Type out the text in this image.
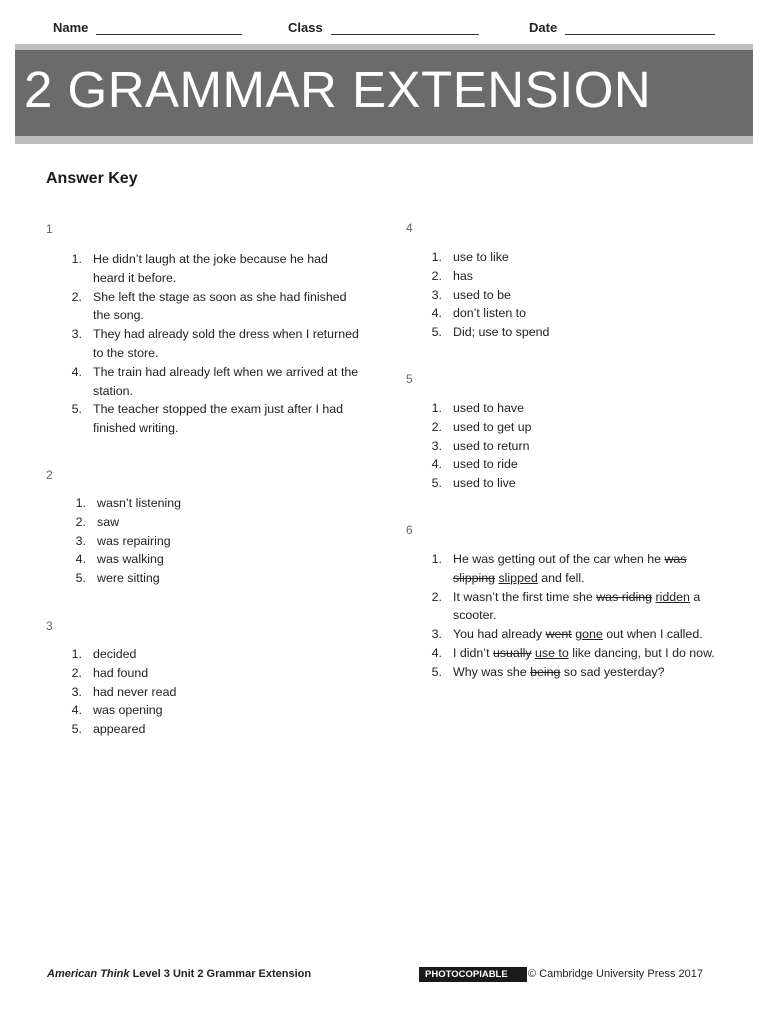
Name	Class	Date
2 GRAMMAR EXTENSION
Answer Key
1
1. He didn’t laugh at the joke because he had heard it before.
2. She left the stage as soon as she had finished the song.
3. They had already sold the dress when I returned to the store.
4. The train had already left when we arrived at the station.
5. The teacher stopped the exam just after I had finished writing.
2
1. wasn’t listening
2. saw
3. was repairing
4. was walking
5. were sitting
3
1. decided
2. had found
3. had never read
4. was opening
5. appeared
4
1. use to like
2. has
3. used to be
4. don’t listen to
5. Did; use to spend
5
1. used to have
2. used to get up
3. used to return
4. used to ride
5. used to live
6
1. He was getting out of the car when he was slipping slipped and fell.
2. It wasn’t the first time she was riding ridden a scooter.
3. You had already went gone out when I called.
4. I didn’t usually use to like dancing, but I do now.
5. Why was she being so sad yesterday?
American Think Level 3 Unit 2 Grammar Extension	PHOTOCOPIABLE	© Cambridge University Press 2017
